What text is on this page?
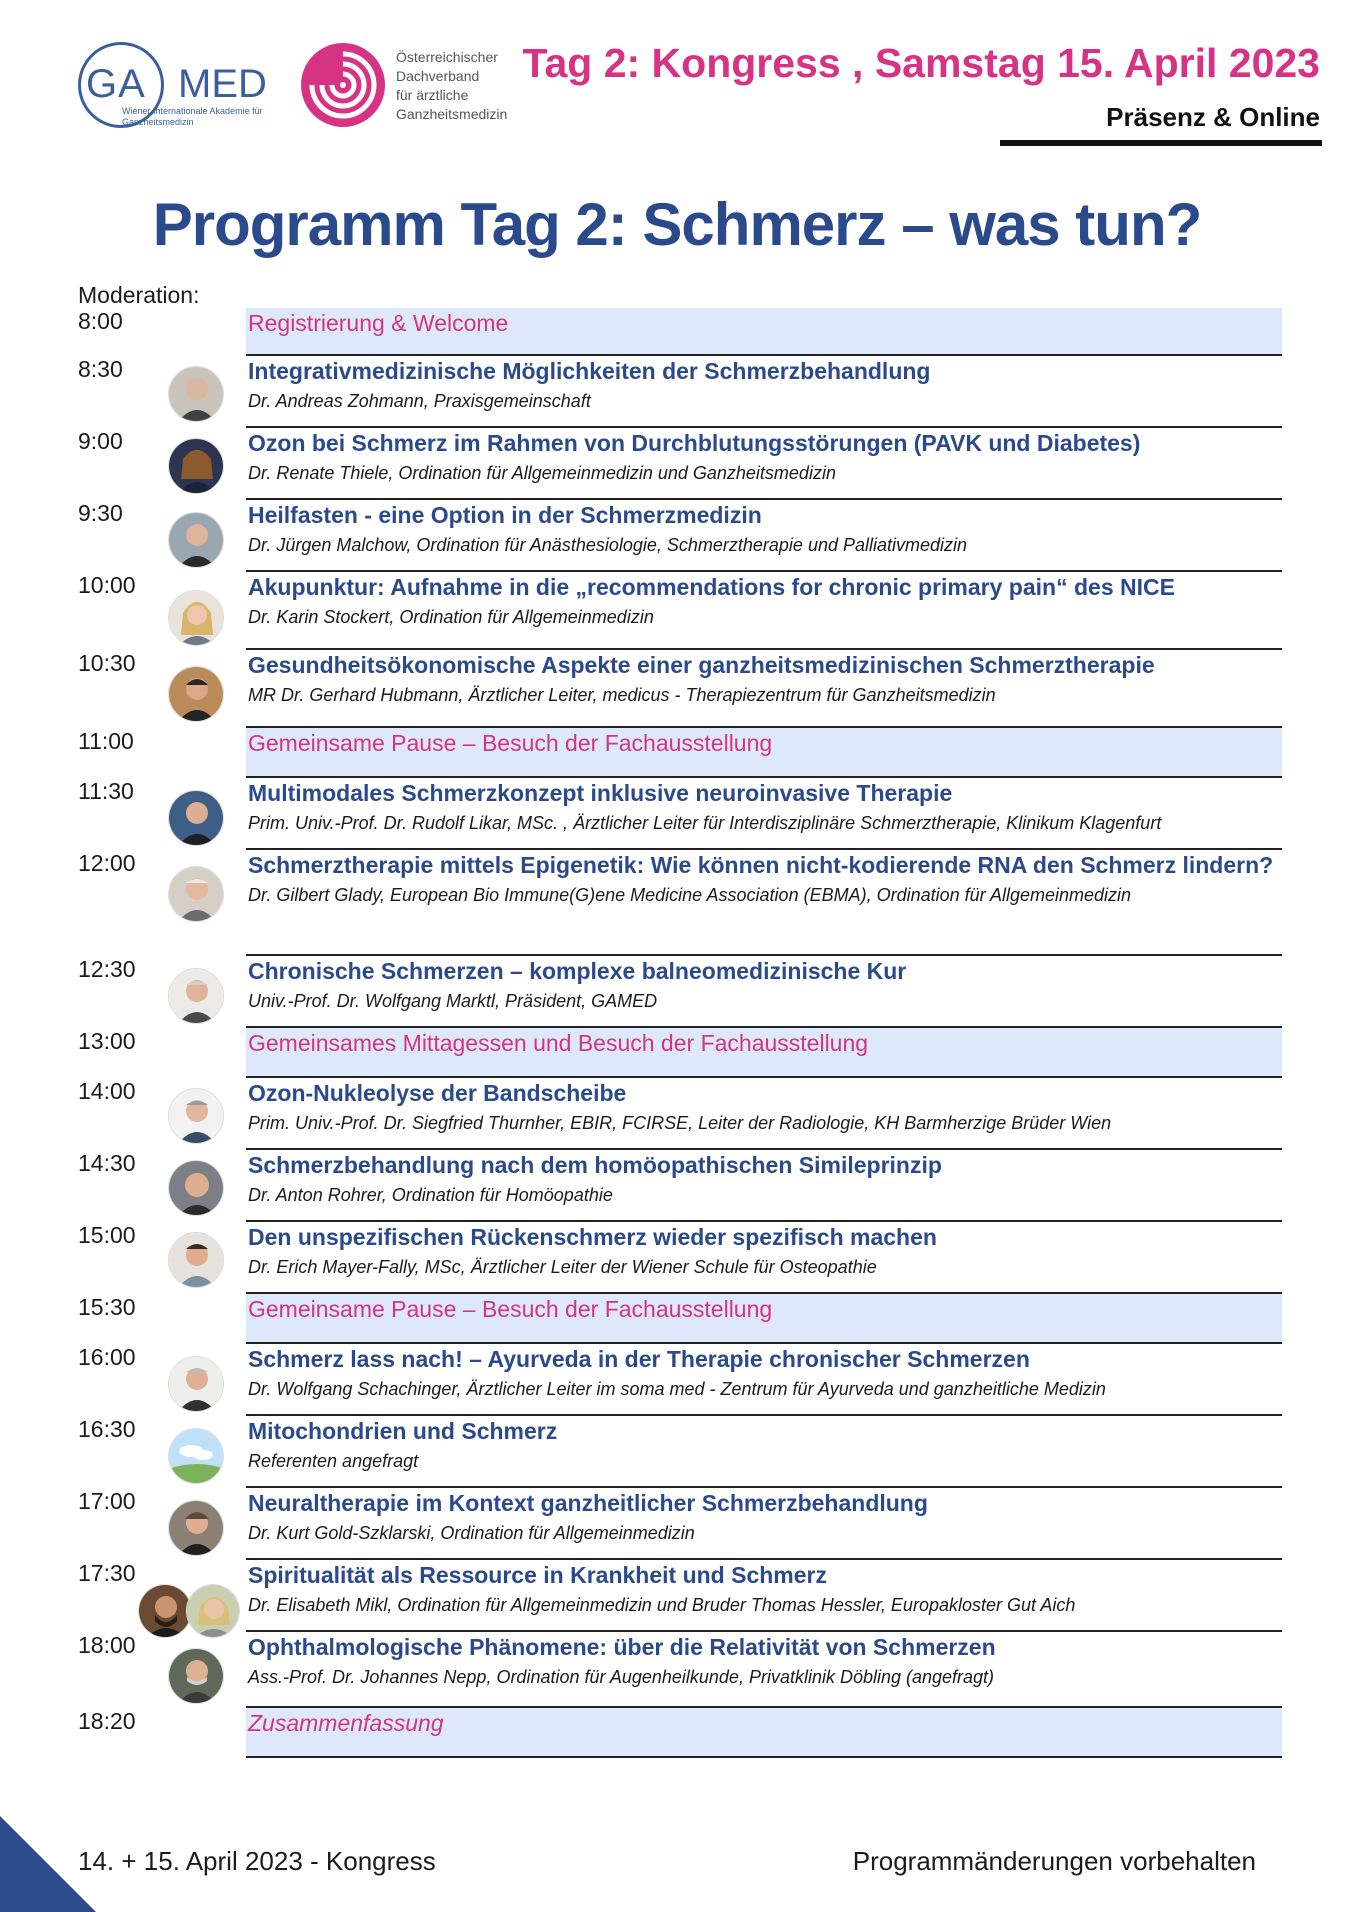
GA MED
Wiener Internationale Akademie für Ganzheitsmedizin
Österreichischer
Dachverband
für ärztliche
Ganzheitsmedizin
Tag 2: Kongress , Samstag 15. April 2023
Präsenz & Online
Programm Tag 2: Schmerz – was tun?
Moderation:
8:00	Registrierung & Welcome
8:30	Integrativmedizinische Möglichkeiten der Schmerzbehandlung
Dr. Andreas Zohmann, Praxisgemeinschaft
9:00	Ozon bei Schmerz im Rahmen von Durchblutungsstörungen (PAVK und Diabetes)
Dr. Renate Thiele, Ordination für Allgemeinmedizin und Ganzheitsmedizin
9:30	Heilfasten - eine Option in der Schmerzmedizin
Dr. Jürgen Malchow, Ordination für Anästhesiologie, Schmerztherapie und Palliativmedizin
10:00	Akupunktur: Aufnahme in die „recommendations for chronic primary pain“ des NICE
Dr. Karin Stockert, Ordination für Allgemeinmedizin
10:30	Gesundheitsökonomische Aspekte einer ganzheitsmedizinischen Schmerztherapie
MR Dr. Gerhard Hubmann, Ärztlicher Leiter, medicus - Therapiezentrum für Ganzheitsmedizin
11:00	Gemeinsame Pause – Besuch der Fachausstellung
11:30	Multimodales Schmerzkonzept inklusive neuroinvasive Therapie
Prim. Univ.-Prof. Dr. Rudolf Likar, MSc. , Ärztlicher Leiter für Interdisziplinäre Schmerztherapie, Klinikum Klagenfurt
12:00	Schmerztherapie mittels Epigenetik: Wie können nicht-kodierende RNA den Schmerz lindern?
Dr. Gilbert Glady, European Bio Immune(G)ene Medicine Association (EBMA), Ordination für Allgemeinmedizin
12:30	Chronische Schmerzen – komplexe balneomedizinische Kur
Univ.-Prof. Dr. Wolfgang Marktl, Präsident, GAMED
13:00	Gemeinsames Mittagessen und Besuch der Fachausstellung
14:00	Ozon-Nukleolyse der Bandscheibe
Prim. Univ.-Prof. Dr. Siegfried Thurnher, EBIR, FCIRSE, Leiter der Radiologie, KH Barmherzige Brüder Wien
14:30	Schmerzbehandlung nach dem homöopathischen Simileprinzip
Dr. Anton Rohrer, Ordination für Homöopathie
15:00	Den unspezifischen Rückenschmerz wieder spezifisch machen
Dr. Erich Mayer-Fally, MSc, Ärztlicher Leiter der Wiener Schule für Osteopathie
15:30	Gemeinsame Pause – Besuch der Fachausstellung
16:00	Schmerz lass nach! – Ayurveda in der Therapie chronischer Schmerzen
Dr. Wolfgang Schachinger, Ärztlicher Leiter im soma med - Zentrum für Ayurveda und ganzheitliche Medizin
16:30	Mitochondrien und Schmerz
Referenten angefragt
17:00	Neuraltherapie im Kontext ganzheitlicher Schmerzbehandlung
Dr. Kurt Gold-Szklarski, Ordination für Allgemeinmedizin
17:30	Spiritualität als Ressource in Krankheit und Schmerz
Dr. Elisabeth Mikl, Ordination für Allgemeinmedizin und Bruder Thomas Hessler, Europakloster Gut Aich
18:00	Ophthalmologische Phänomene: über die Relativität von Schmerzen
Ass.-Prof. Dr. Johannes Nepp, Ordination für Augenheilkunde, Privatklinik Döbling (angefragt)
18:20	Zusammenfassung
14. + 15. April 2023 - Kongress	Programmänderungen vorbehalten
